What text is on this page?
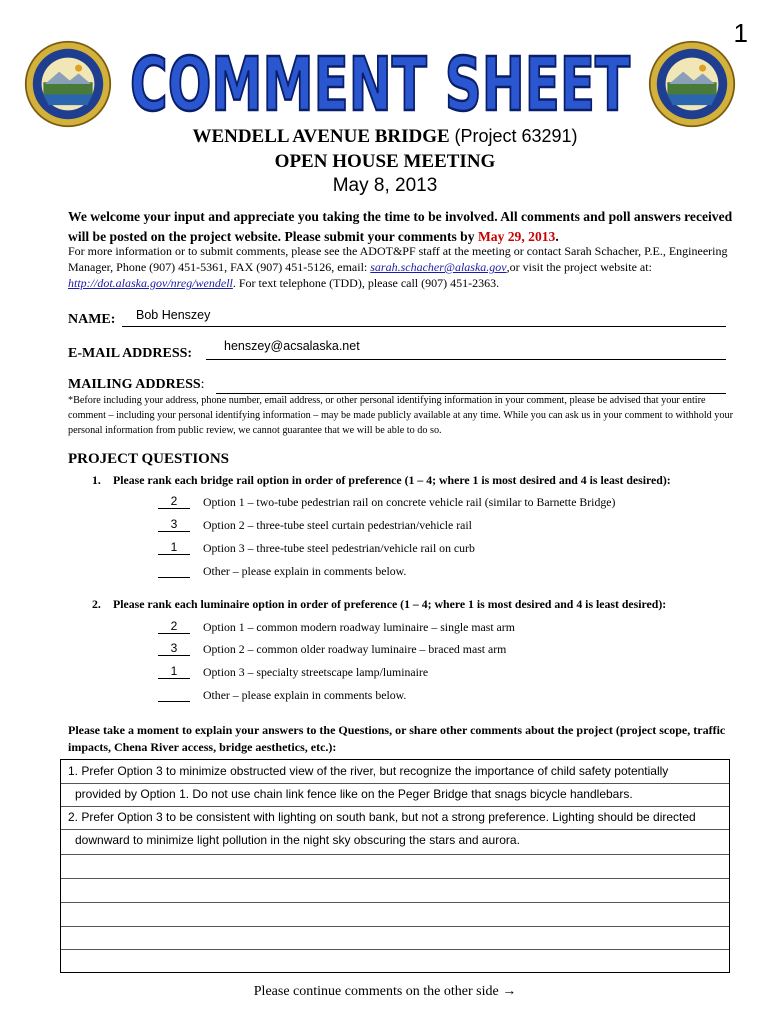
1
COMMENT SHEET
WENDELL AVENUE BRIDGE (Project 63291)
OPEN HOUSE MEETING
May 8, 2013
We welcome your input and appreciate you taking the time to be involved. All comments and poll answers received will be posted on the project website. Please submit your comments by May 29, 2013.
For more information or to submit comments, please see the ADOT&PF staff at the meeting or contact Sarah Schacher, P.E., Engineering Manager, Phone (907) 451-5361, FAX (907) 451-5126, email: sarah.schacher@alaska.gov,or visit the project website at: http://dot.alaska.gov/nreg/wendell. For text telephone (TDD), please call (907) 451-2363.
NAME: Bob Henszey
E-MAIL ADDRESS:	henszey@acsalaska.net
MAILING ADDRESS:
*Before including your address, phone number, email address, or other personal identifying information in your comment, please be advised that your entire comment – including your personal identifying information – may be made publicly available at any time. While you can ask us in your comment to withhold your personal information from public review, we cannot guarantee that we will be able to do so.
PROJECT QUESTIONS
1. Please rank each bridge rail option in order of preference (1 – 4; where 1 is most desired and 4 is least desired):
2	Option 1 – two-tube pedestrian rail on concrete vehicle rail (similar to Barnette Bridge)
3	Option 2 – three-tube steel curtain pedestrian/vehicle rail
1	Option 3 – three-tube steel pedestrian/vehicle rail on curb
Other – please explain in comments below.
2. Please rank each luminaire option in order of preference (1 – 4; where 1 is most desired and 4 is least desired):
2	Option 1 – common modern roadway luminaire – single mast arm
3	Option 2 – common older roadway luminaire – braced mast arm
1	Option 3 – specialty streetscape lamp/luminaire
Other – please explain in comments below.
Please take a moment to explain your answers to the Questions, or share other comments about the project (project scope, traffic impacts, Chena River access, bridge aesthetics, etc.):
1. Prefer Option 3 to minimize obstructed view of the river, but recognize the importance of child safety potentially
provided by Option 1. Do not use chain link fence like on the Peger Bridge that snags bicycle handlebars.
2. Prefer Option 3 to be consistent with lighting on south bank, but not a strong preference. Lighting should be directed
downward to minimize light pollution in the night sky obscuring the stars and aurora.
Please continue comments on the other side →
